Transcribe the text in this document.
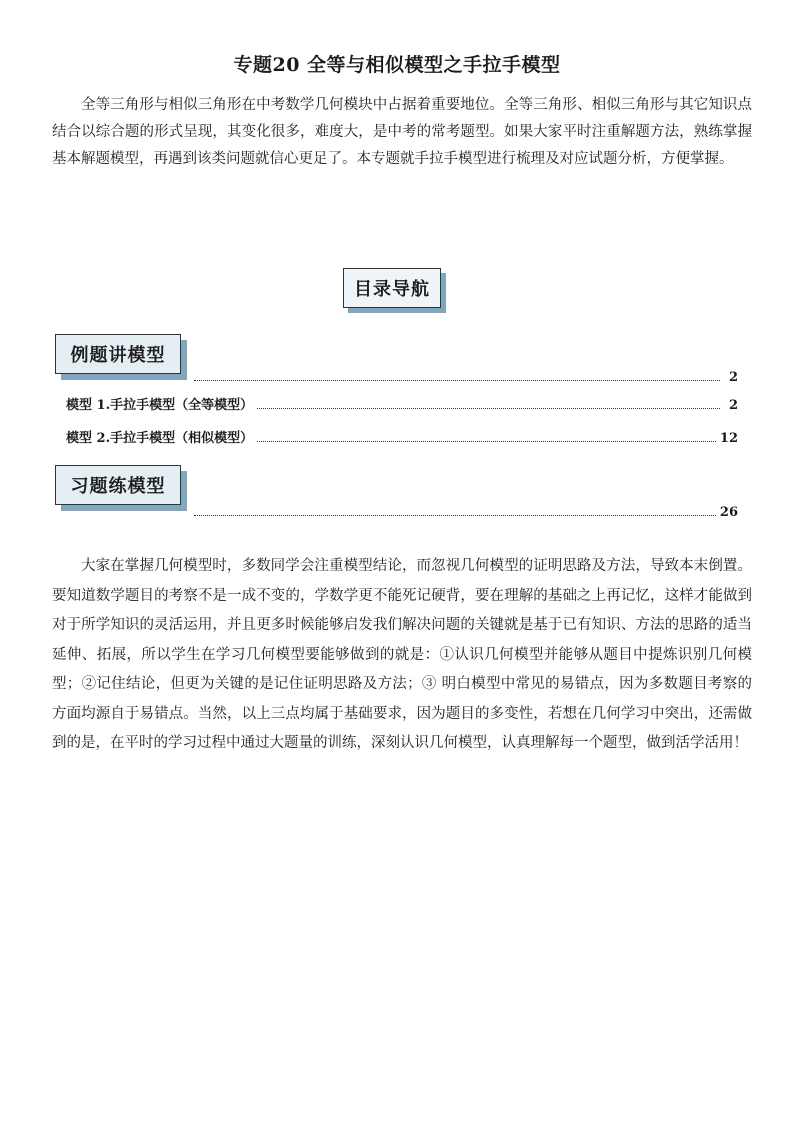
专题20 全等与相似模型之手拉手模型

全等三角形与相似三角形在中考数学几何模块中占据着重要地位。全等三角形、相似三角形与其它知识点结合以综合题的形式呈现，其变化很多，难度大，是中考的常考题型。如果大家平时注重解题方法，熟练掌握基本解题模型，再遇到该类问题就信心更足了。本专题就手拉手模型进行梳理及对应试题分析，方便掌握。

目录导航
例题讲模型
2
模型 1.手拉手模型（全等模型）	2
模型 2.手拉手模型（相似模型）	12
习题练模型
26

大家在掌握几何模型时，多数同学会注重模型结论，而忽视几何模型的证明思路及方法，导致本末倒置。要知道数学题目的考察不是一成不变的，学数学更不能死记硬背，要在理解的基础之上再记忆，这样才能做到对于所学知识的灵活运用，并且更多时候能够启发我们解决问题的关键就是基于已有知识、方法的思路的适当延伸、拓展，所以学生在学习几何模型要能够做到的就是：①认识几何模型并能够从题目中提炼识别几何模型；②记住结论，但更为关键的是记住证明思路及方法；③ 明白模型中常见的易错点，因为多数题目考察的方面均源自于易错点。当然，以上三点均属于基础要求，因为题目的多变性，若想在几何学习中突出，还需做到的是，在平时的学习过程中通过大题量的训练，深刻认识几何模型，认真理解每一个题型，做到活学活用！
